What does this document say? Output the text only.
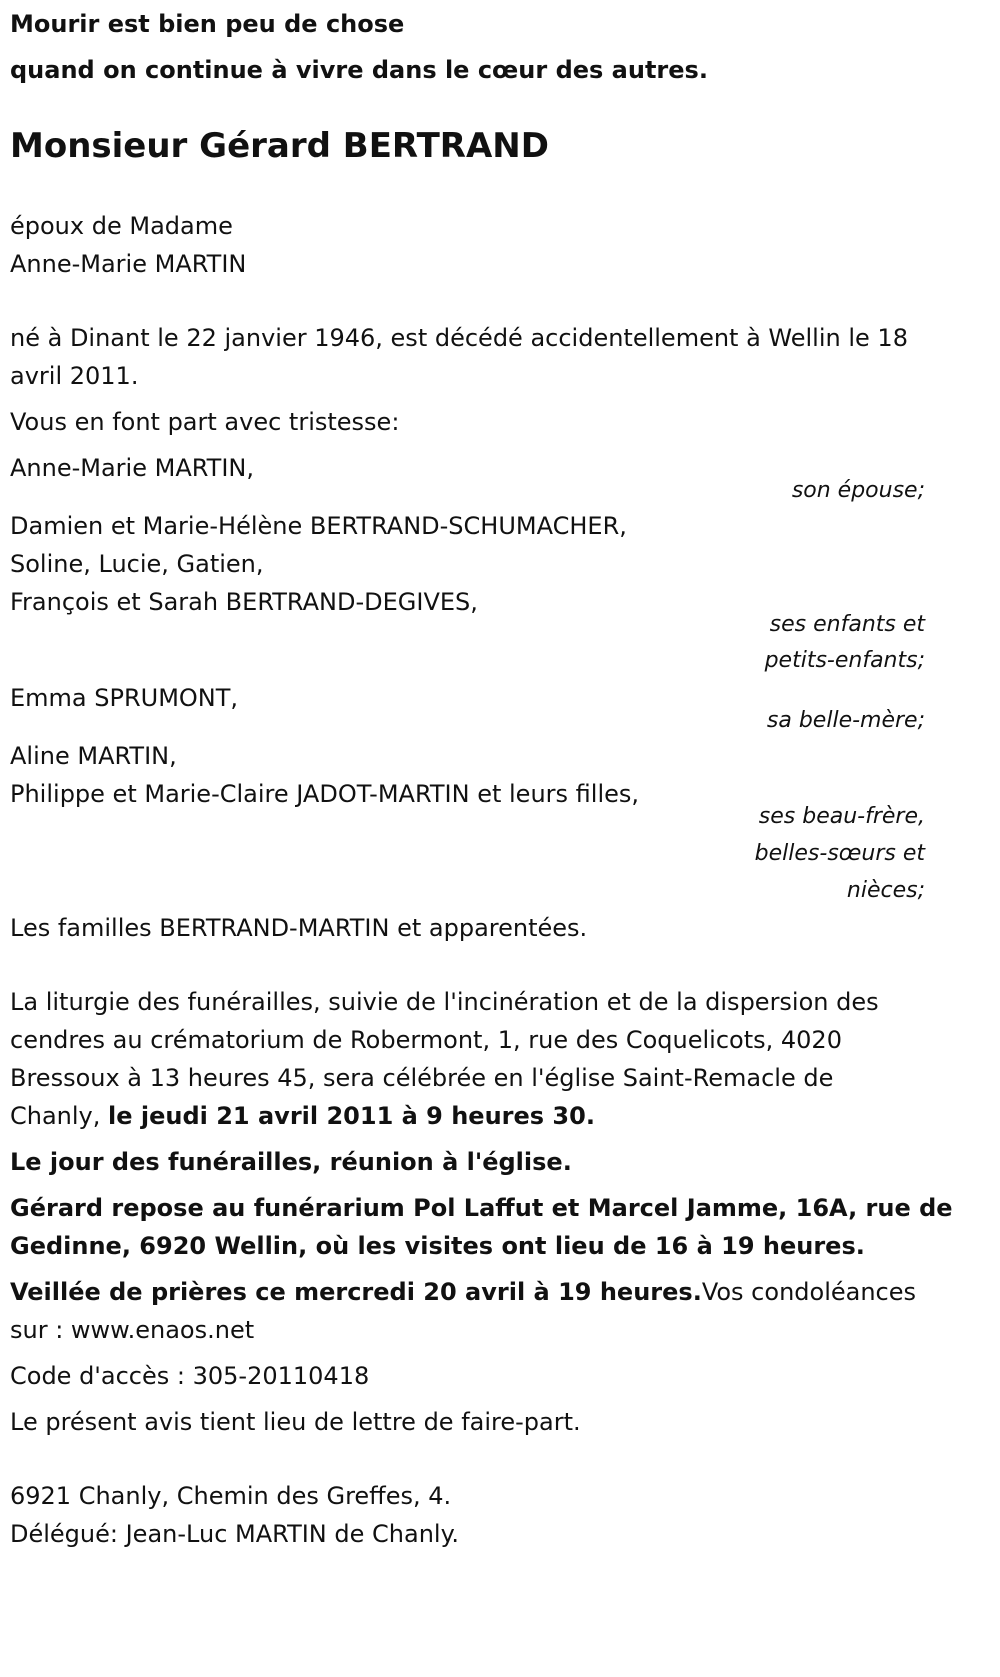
Mourir est bien peu de chose
quand on continue à vivre dans le cœur des autres.
Monsieur Gérard BERTRAND
époux de Madame
Anne-Marie MARTIN
né à Dinant le 22 janvier 1946, est décédé accidentellement à Wellin le 18
avril 2011.
Vous en font part avec tristesse:
Anne-Marie MARTIN,
son épouse;
Damien et Marie-Hélène BERTRAND-SCHUMACHER,
Soline, Lucie, Gatien,
François et Sarah BERTRAND-DEGIVES,
ses enfants et
petits-enfants;
Emma SPRUMONT,
sa belle-mère;
Aline MARTIN,
Philippe et Marie-Claire JADOT-MARTIN et leurs filles,
ses beau-frère,
belles-sœurs et
nièces;
Les familles BERTRAND-MARTIN et apparentées.
La liturgie des funérailles, suivie de l'incinération et de la dispersion des
cendres au crématorium de Robermont, 1, rue des Coquelicots, 4020
Bressoux à 13 heures 45, sera célébrée en l'église Saint-Remacle de
Chanly, le jeudi 21 avril 2011 à 9 heures 30.
Le jour des funérailles, réunion à l'église.
Gérard repose au funérarium Pol Laffut et Marcel Jamme, 16A, rue de
Gedinne, 6920 Wellin, où les visites ont lieu de 16 à 19 heures.
Veillée de prières ce mercredi 20 avril à 19 heures.Vos condoléances
sur : www.enaos.net
Code d'accès : 305-20110418
Le présent avis tient lieu de lettre de faire-part.
6921 Chanly, Chemin des Greffes, 4.
Délégué: Jean-Luc MARTIN de Chanly.
